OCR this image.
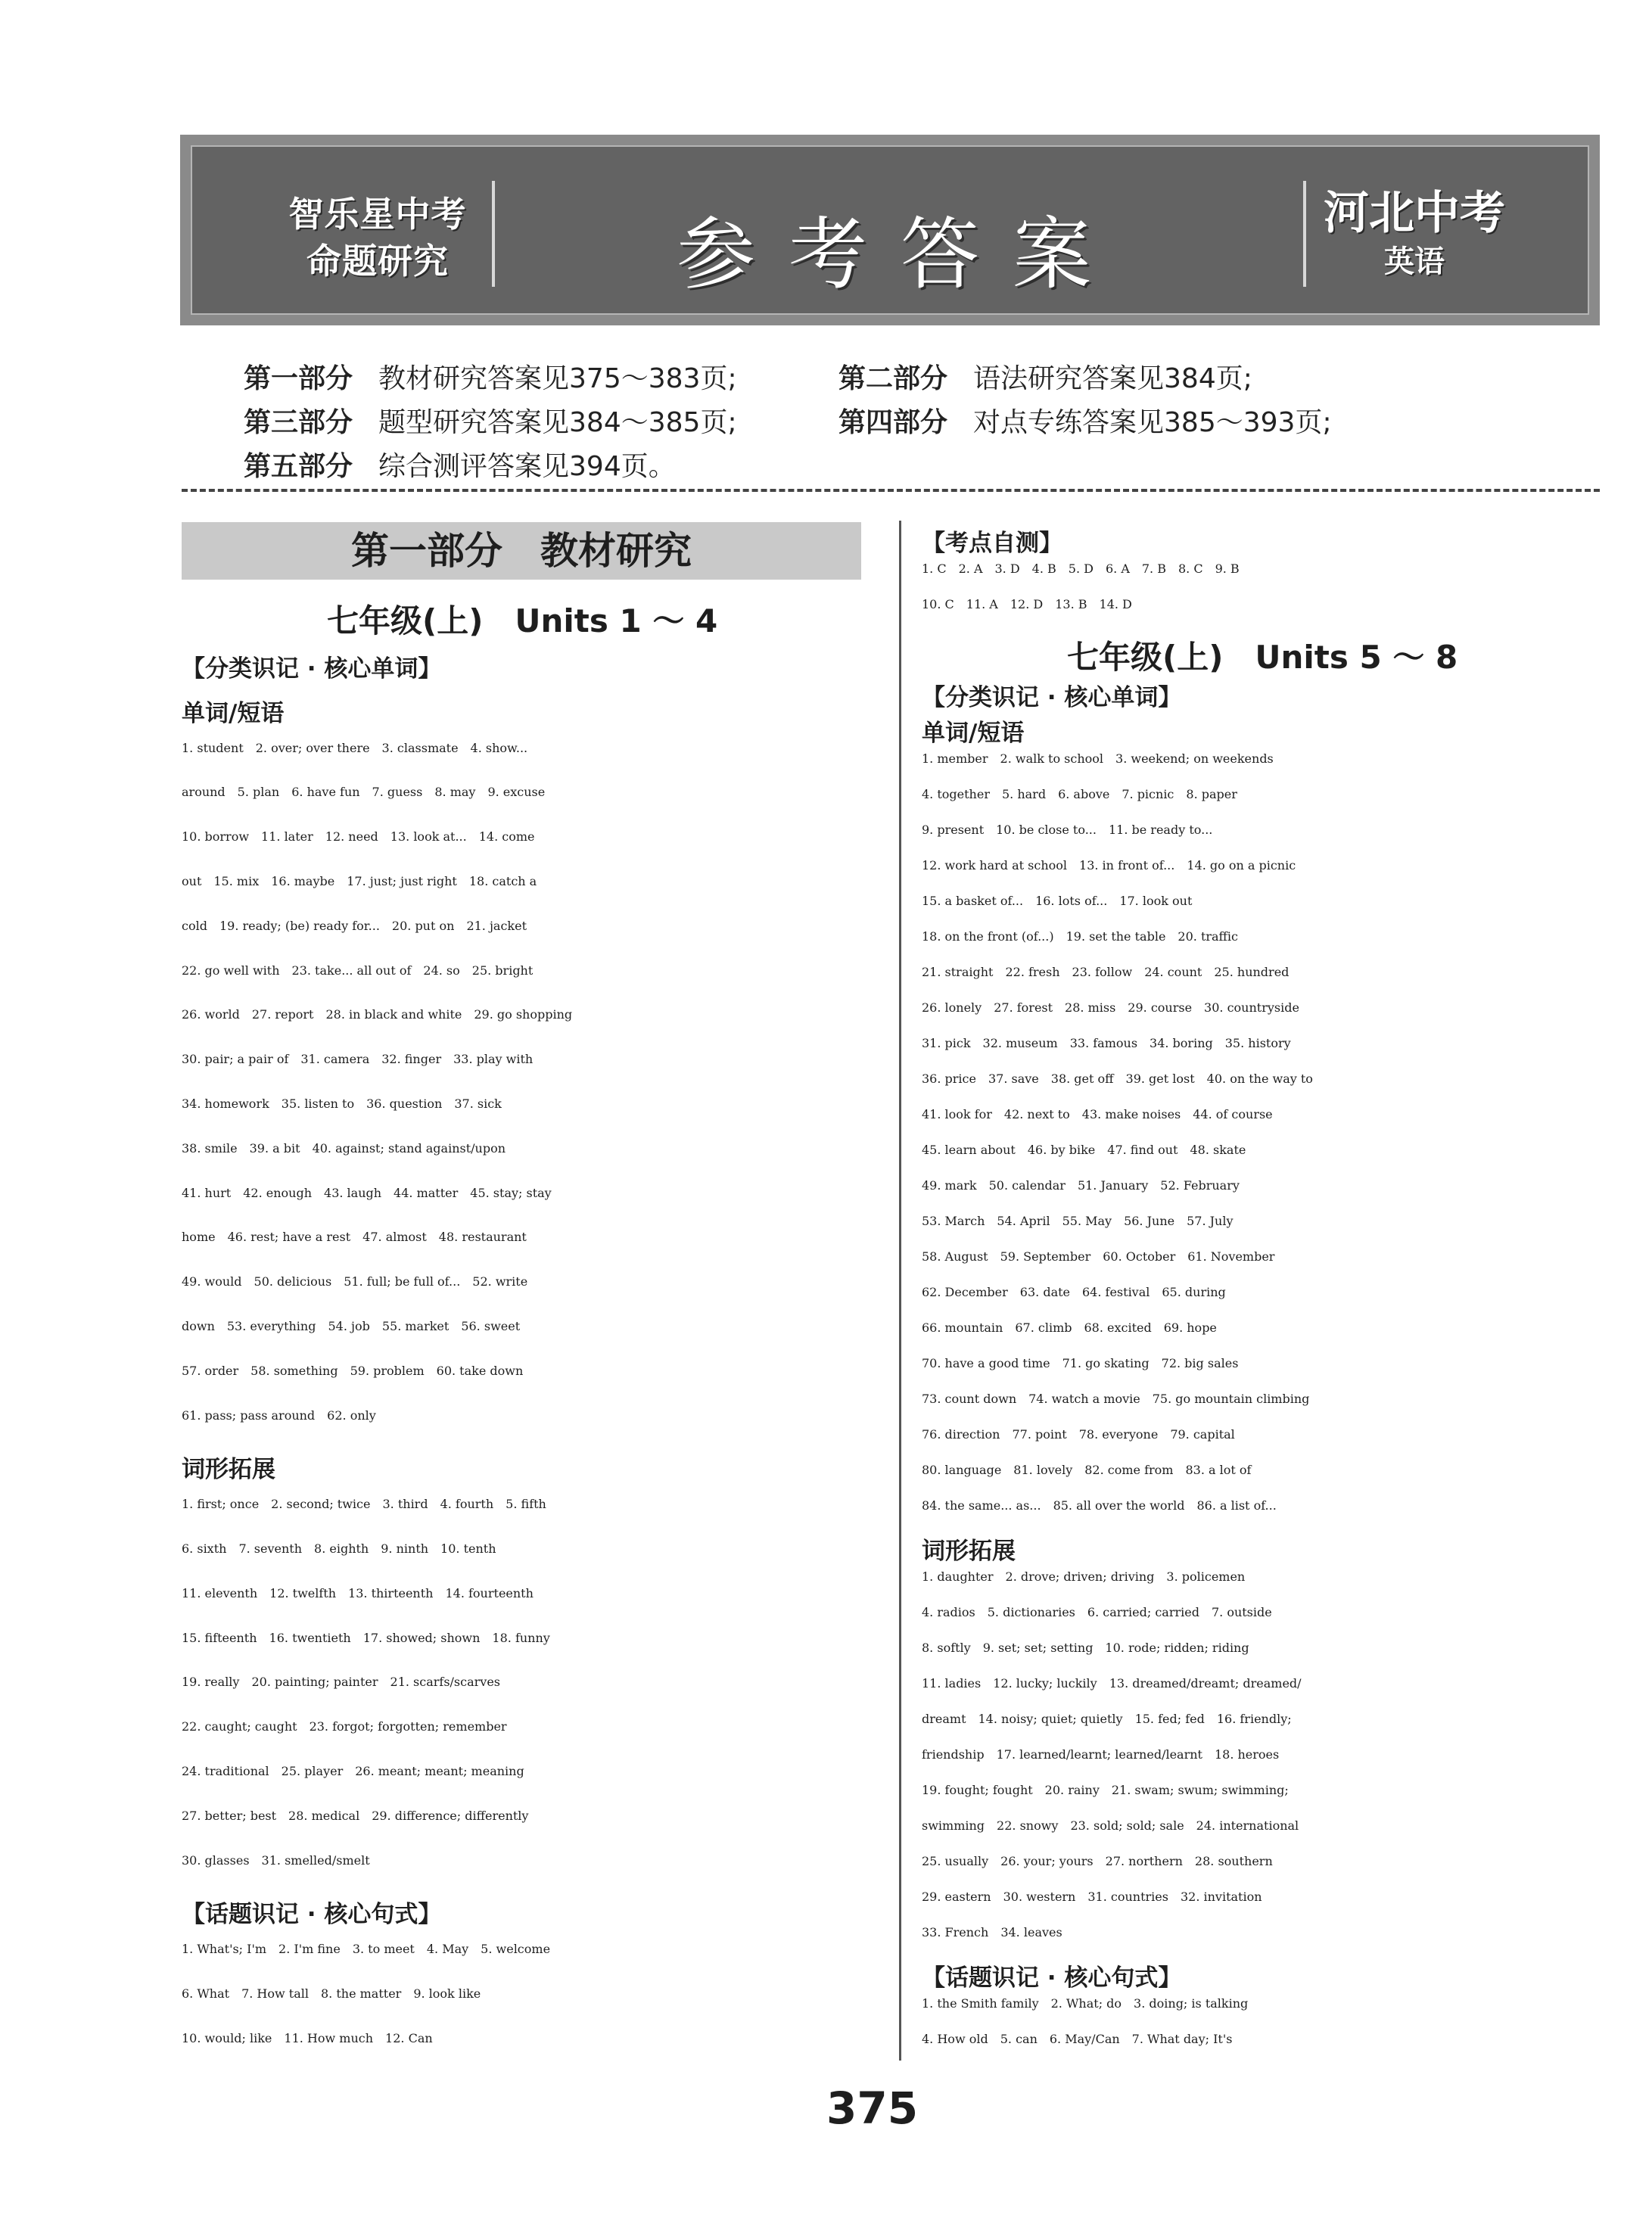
智乐星中考
命题研究	参考答案	河北中考
英语
第一部分 教材研究答案见375～383页;	第二部分 语法研究答案见384页;
第三部分 题型研究答案见384～385页;	第四部分 对点专练答案见385～393页;
第五部分 综合测评答案见394页。
第一部分　教材研究
七年级(上)　Units 1 ～ 4
【分类识记 · 核心单词】
单词/短语
1. student　2. over; over there　3. classmate　4. show...
around　5. plan　6. have fun　7. guess　8. may　9. excuse
10. borrow　11. later　12. need　13. look at...　14. come
out　15. mix　16. maybe　17. just; just right　18. catch a
cold　19. ready; (be) ready for...　20. put on　21. jacket
22. go well with　23. take... all out of　24. so　25. bright
26. world　27. report　28. in black and white　29. go shopping
30. pair; a pair of　31. camera　32. finger　33. play with
34. homework　35. listen to　36. question　37. sick
38. smile　39. a bit　40. against; stand against/upon
41. hurt　42. enough　43. laugh　44. matter　45. stay; stay
home　46. rest; have a rest　47. almost　48. restaurant
49. would　50. delicious　51. full; be full of...　52. write
down　53. everything　54. job　55. market　56. sweet
57. order　58. something　59. problem　60. take down
61. pass; pass around　62. only
词形拓展
1. first; once　2. second; twice　3. third　4. fourth　5. fifth
6. sixth　7. seventh　8. eighth　9. ninth　10. tenth
11. eleventh　12. twelfth　13. thirteenth　14. fourteenth
15. fifteenth　16. twentieth　17. showed; shown　18. funny
19. really　20. painting; painter　21. scarfs/scarves
22. caught; caught　23. forgot; forgotten; remember
24. traditional　25. player　26. meant; meant; meaning
27. better; best　28. medical　29. difference; differently
30. glasses　31. smelled/smelt
【话题识记 · 核心句式】
1. What's; I'm　2. I'm fine　3. to meet　4. May　5. welcome
6. What　7. How tall　8. the matter　9. look like
10. would; like　11. How much　12. Can
【考点自测】
1. C　2. A　3. D　4. B　5. D　6. A　7. B　8. C　9. B
10. C　11. A　12. D　13. B　14. D
七年级(上)　Units 5 ～ 8
【分类识记 · 核心单词】
单词/短语
1. member　2. walk to school　3. weekend; on weekends
4. together　5. hard　6. above　7. picnic　8. paper
9. present　10. be close to...　11. be ready to...
12. work hard at school　13. in front of...　14. go on a picnic
15. a basket of...　16. lots of...　17. look out
18. on the front (of...)　19. set the table　20. traffic
21. straight　22. fresh　23. follow　24. count　25. hundred
26. lonely　27. forest　28. miss　29. course　30. countryside
31. pick　32. museum　33. famous　34. boring　35. history
36. price　37. save　38. get off　39. get lost　40. on the way to
41. look for　42. next to　43. make noises　44. of course
45. learn about　46. by bike　47. find out　48. skate
49. mark　50. calendar　51. January　52. February
53. March　54. April　55. May　56. June　57. July
58. August　59. September　60. October　61. November
62. December　63. date　64. festival　65. during
66. mountain　67. climb　68. excited　69. hope
70. have a good time　71. go skating　72. big sales
73. count down　74. watch a movie　75. go mountain climbing
76. direction　77. point　78. everyone　79. capital
80. language　81. lovely　82. come from　83. a lot of
84. the same... as...　85. all over the world　86. a list of...
词形拓展
1. daughter　2. drove; driven; driving　3. policemen
4. radios　5. dictionaries　6. carried; carried　7. outside
8. softly　9. set; set; setting　10. rode; ridden; riding
11. ladies　12. lucky; luckily　13. dreamed/dreamt; dreamed/
dreamt　14. noisy; quiet; quietly　15. fed; fed　16. friendly;
friendship　17. learned/learnt; learned/learnt　18. heroes
19. fought; fought　20. rainy　21. swam; swum; swimming;
swimming　22. snowy　23. sold; sold; sale　24. international
25. usually　26. your; yours　27. northern　28. southern
29. eastern　30. western　31. countries　32. invitation
33. French　34. leaves
【话题识记 · 核心句式】
1. the Smith family　2. What; do　3. doing; is talking
4. How old　5. can　6. May/Can　7. What day; It's
375
